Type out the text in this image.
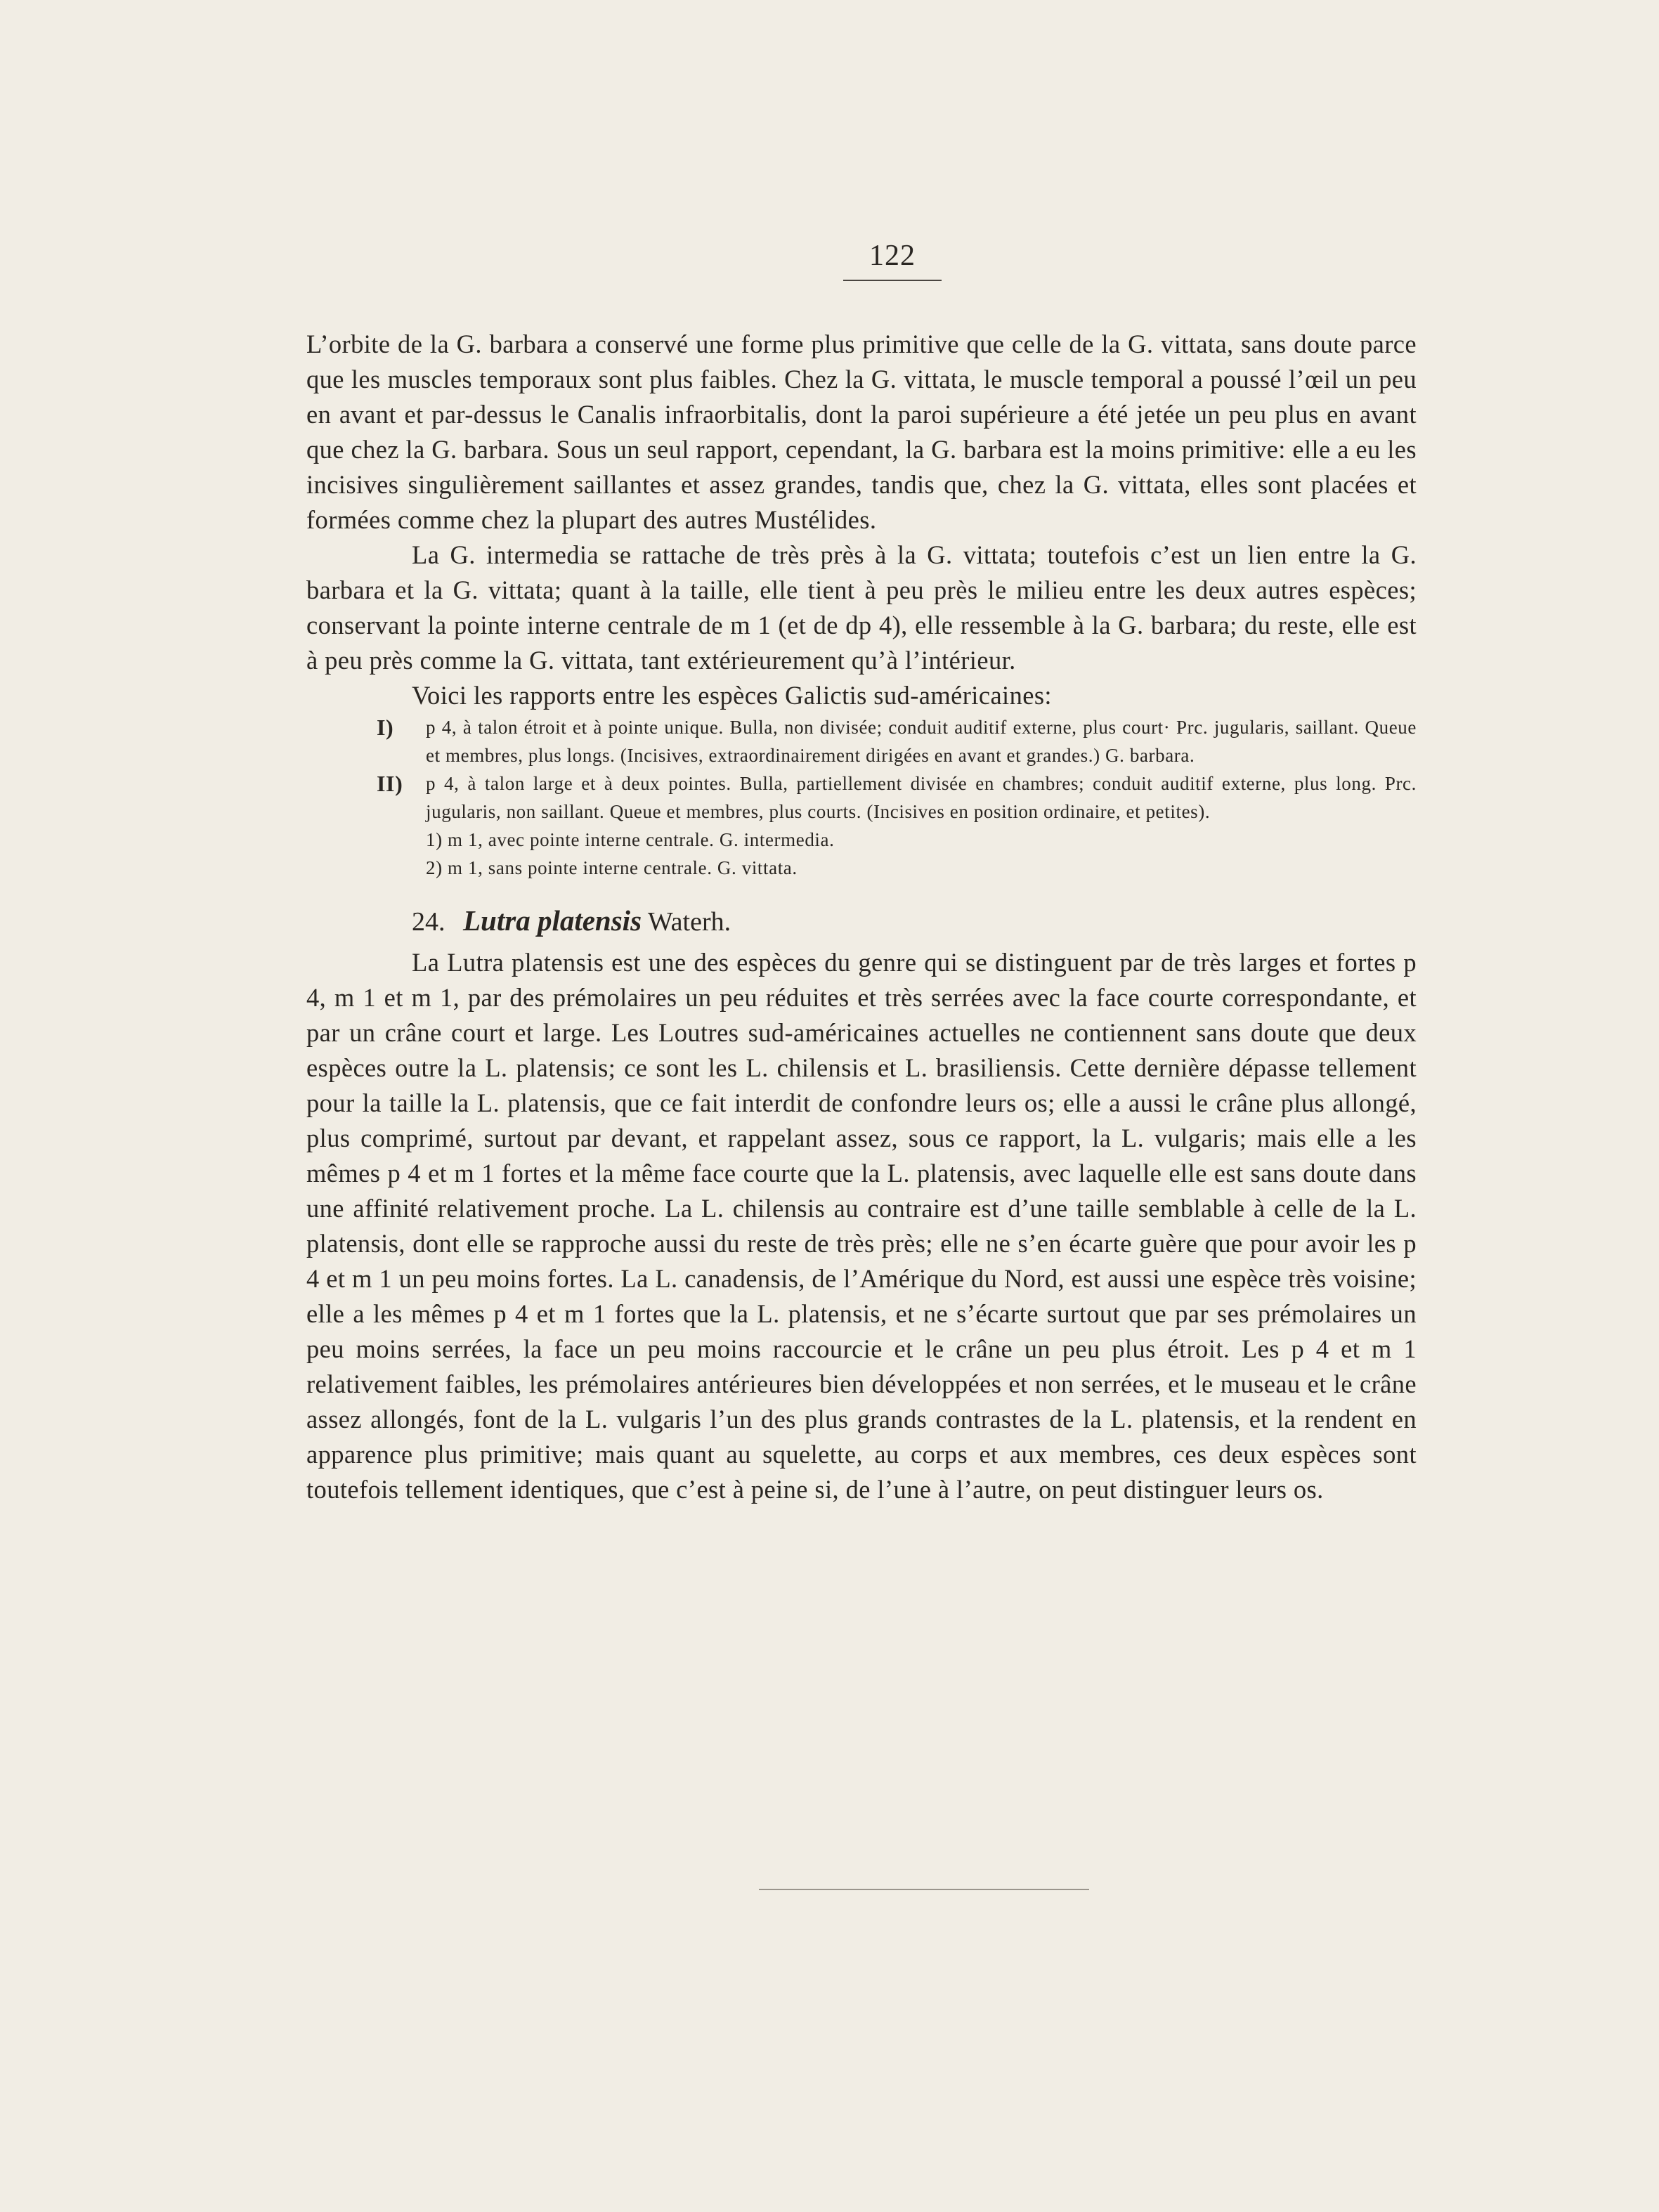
122

L’orbite de la G. barbara a conservé une forme plus primitive que celle de la G. vittata, sans doute parce que les muscles temporaux sont plus faibles. Chez la G. vittata, le muscle temporal a poussé l’œil un peu en avant et par-dessus le Canalis infraorbitalis, dont la paroi supérieure a été jetée un peu plus en avant que chez la G. barbara. Sous un seul rapport, cependant, la G. barbara est la moins primitive: elle a eu les incisives singulièrement saillantes et assez grandes, tandis que, chez la G. vittata, elles sont placées et formées comme chez la plupart des autres Mustélides.

La G. intermedia se rattache de très près à la G. vittata; toutefois c’est un lien entre la G. barbara et la G. vittata; quant à la taille, elle tient à peu près le milieu entre les deux autres espèces; conservant la pointe interne centrale de m 1 (et de dp 4), elle ressemble à la G. barbara; du reste, elle est à peu près comme la G. vittata, tant extérieurement qu’à l’intérieur.

Voici les rapports entre les espèces Galictis sud-américaines:

I) p 4, à talon étroit et à pointe unique. Bulla, non divisée; conduit auditif externe, plus court· Prc. jugularis, saillant. Queue et membres, plus longs. (Incisives, extraordinairement dirigées en avant et grandes.) G. barbara.

II) p 4, à talon large et à deux pointes. Bulla, partiellement divisée en chambres; conduit auditif externe, plus long. Prc. jugularis, non saillant. Queue et membres, plus courts. (Incisives en position ordinaire, et petites).

1) m 1, avec pointe interne centrale. G. intermedia.

2) m 1, sans pointe interne centrale. G. vittata.

24. Lutra platensis Waterh.

La Lutra platensis est une des espèces du genre qui se distinguent par de très larges et fortes p 4, m 1 et m 1, par des prémolaires un peu réduites et très serrées avec la face courte correspondante, et par un crâne court et large. Les Loutres sud-américaines actuelles ne contiennent sans doute que deux espèces outre la L. platensis; ce sont les L. chilensis et L. brasiliensis. Cette dernière dépasse tellement pour la taille la L. platensis, que ce fait interdit de confondre leurs os; elle a aussi le crâne plus allongé, plus comprimé, surtout par devant, et rappelant assez, sous ce rapport, la L. vulgaris; mais elle a les mêmes p 4 et m 1 fortes et la même face courte que la L. platensis, avec laquelle elle est sans doute dans une affinité relativement proche. La L. chilensis au contraire est d’une taille semblable à celle de la L. platensis, dont elle se rapproche aussi du reste de très près; elle ne s’en écarte guère que pour avoir les p 4 et m 1 un peu moins fortes. La L. canadensis, de l’Amérique du Nord, est aussi une espèce très voisine; elle a les mêmes p 4 et m 1 fortes que la L. platensis, et ne s’écarte surtout que par ses prémolaires un peu moins serrées, la face un peu moins raccourcie et le crâne un peu plus étroit. Les p 4 et m 1 relativement faibles, les prémolaires antérieures bien développées et non serrées, et le museau et le crâne assez allongés, font de la L. vulgaris l’un des plus grands contrastes de la L. platensis, et la rendent en apparence plus primitive; mais quant au squelette, au corps et aux membres, ces deux espèces sont toutefois tellement identiques, que c’est à peine si, de l’une à l’autre, on peut distinguer leurs os.
